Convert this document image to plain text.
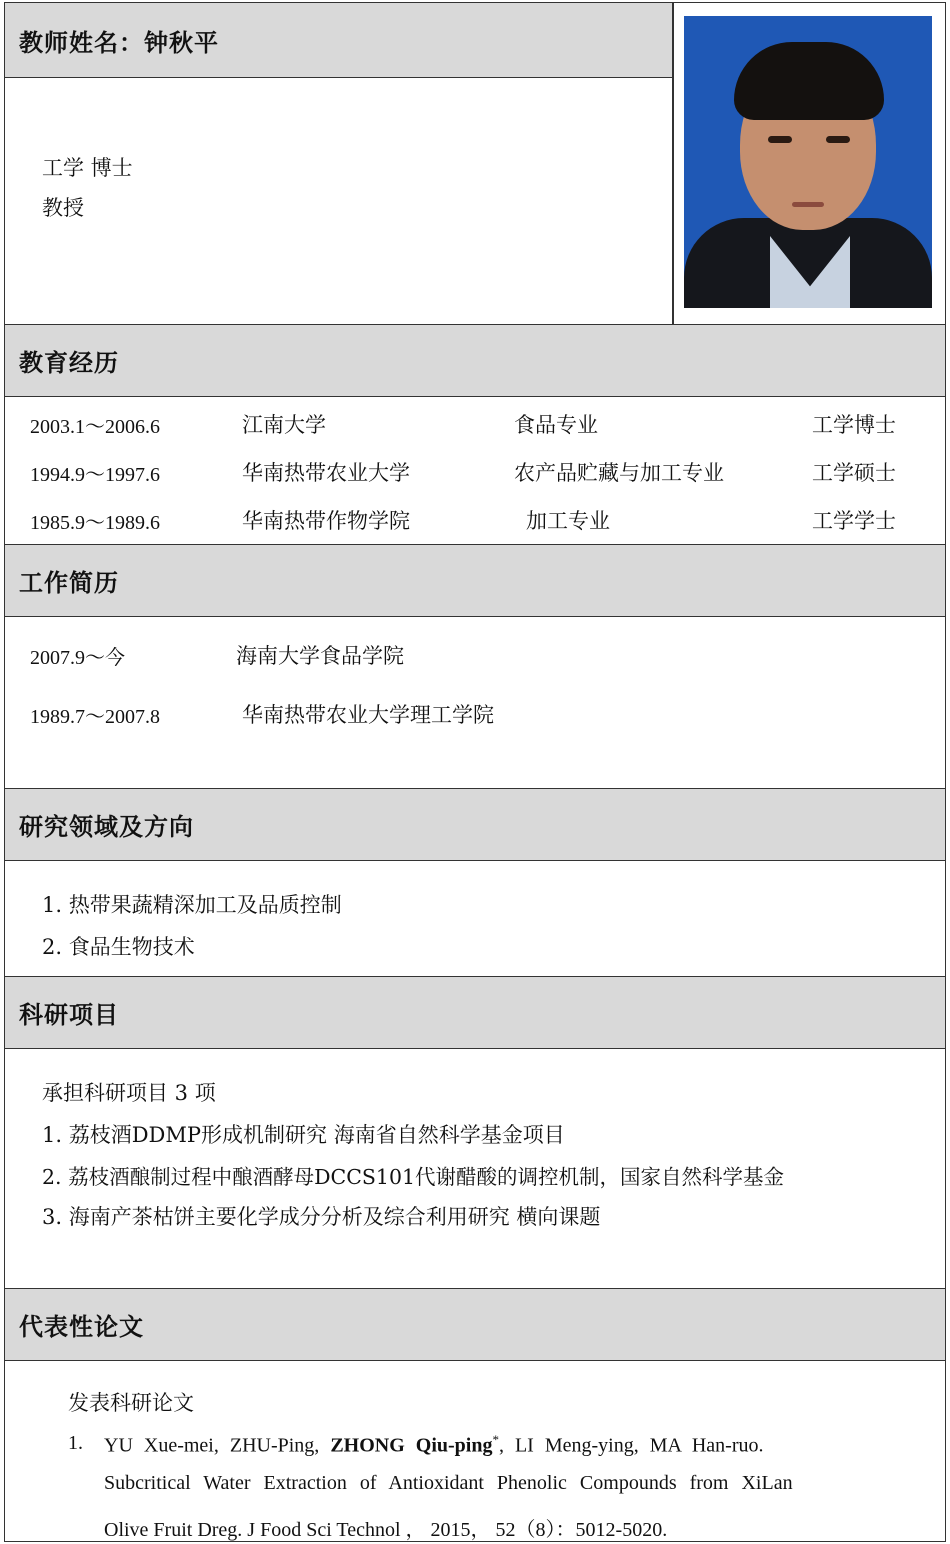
教师姓名：钟秋平
工学 博士
教授
教育经历
2003.1～2006.6	江南大学	食品专业	工学博士
1994.9～1997.6	华南热带农业大学	农产品贮藏与加工专业	工学硕士
1985.9～1989.6	华南热带作物学院	加工专业	工学学士
工作简历
2007.9～今	海南大学食品学院
1989.7～2007.8	华南热带农业大学理工学院
研究领域及方向
1. 热带果蔬精深加工及品质控制
2. 食品生物技术
科研项目
承担科研项目 3 项
1. 荔枝酒DDMP形成机制研究 海南省自然科学基金项目
2. 荔枝酒酿制过程中酿酒酵母DCCS101代谢醋酸的调控机制，国家自然科学基金
3. 海南产茶枯饼主要化学成分分析及综合利用研究 横向课题
代表性论文
发表科研论文
1. YU Xue-mei, ZHU-Ping, ZHONG Qiu-ping*, LI Meng-ying, MA Han-ruo.
Subcritical Water Extraction of Antioxidant Phenolic Compounds from XiLan
Olive Fruit Dreg. J Food Sci Technol ， 2015， 52（8）：5012-5020.
